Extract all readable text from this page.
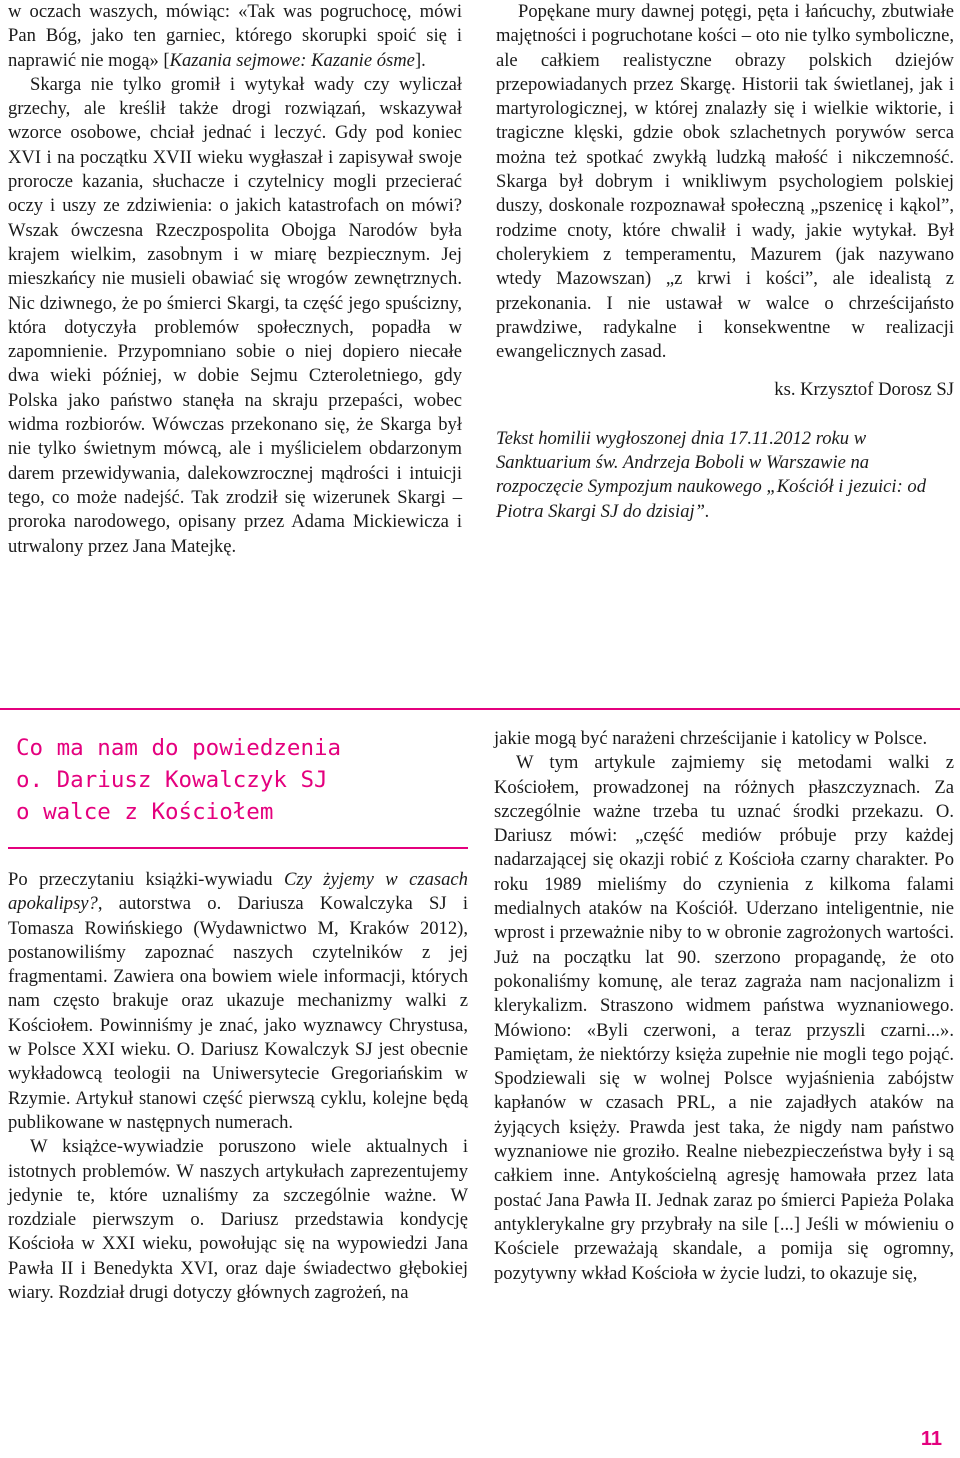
w oczach waszych, mówiąc: «Tak was pogruchocę, mówi Pan Bóg, jako ten garniec, którego skorupki spoić się i naprawić nie mogą» [Kazania sejmowe: Kazanie ósme].

Skarga nie tylko gromił i wytykał wady czy wyliczał grzechy, ale kreślił także drogi rozwiązań, wskazywał wzorce osobowe, chciał jednać i leczyć. Gdy pod koniec XVI i na początku XVII wieku wygłaszał i zapisywał swoje prorocze kazania, słuchacze i czytelnicy mogli przecierać oczy i uszy ze zdziwienia: o jakich katastrofach on mówi? Wszak ówczesna Rzeczpospolita Obojga Narodów była krajem wielkim, zasobnym i w miarę bezpiecznym. Jej mieszkańcy nie musieli obawiać się wrogów zewnętrznych. Nic dziwnego, że po śmierci Skargi, ta część jego spuścizny, która dotyczyła problemów społecznych, popadła w zapomnienie. Przypomniano sobie o niej dopiero niecałe dwa wieki później, w dobie Sejmu Czteroletniego, gdy Polska jako państwo stanęła na skraju przepaści, wobec widma rozbiorów. Wówczas przekonano się, że Skarga był nie tylko świetnym mówcą, ale i myślicielem obdarzonym darem przewidywania, dalekowzrocznej mądrości i intuicji tego, co może nadejść. Tak zrodził się wizerunek Skargi – proroka narodowego, opisany przez Adama Mickiewicza i utrwalony przez Jana Matejkę.

Popękane mury dawnej potęgi, pęta i łańcuchy, zbutwiałe majętności i pogruchotane kości – oto nie tylko symboliczne, ale całkiem realistyczne obrazy polskich dziejów przepowiadanych przez Skargę. Historii tak świetlanej, jak i martyrologicznej, w której znalazły się i wielkie wiktorie, i tragiczne klęski, gdzie obok szlachetnych porywów serca można też spotkać zwykłą ludzką małość i nikczemność. Skarga był dobrym i wnikliwym psychologiem polskiej duszy, doskonale rozpoznawał społeczną „pszenicę i kąkol”, rodzime cnoty, które chwalił i wady, jakie wytykał. Był cholerykiem z temperamentu, Mazurem (jak nazywano wtedy Mazowszan) „z krwi i kości”, ale idealistą z przekonania. I nie ustawał w walce o chrześcijaństo prawdziwe, radykalne i konsekwentne w realizacji ewangelicznych zasad.

ks. Krzysztof Dorosz SJ

Tekst homilii wygłoszonej dnia 17.11.2012 roku w Sanktuarium św. Andrzeja Boboli w Warszawie na rozpoczęcie Sympozjum naukowego „Kościół i jezuici: od Piotra Skargi SJ do dzisiaj”.

Co ma nam do powiedzenia
o. Dariusz Kowalczyk SJ
o walce z Kościołem

Po przeczytaniu książki-wywiadu Czy żyjemy w czasach apokalipsy?, autorstwa o. Dariusza Kowalczyka SJ i Tomasza Rowińskiego (Wydawnictwo M, Kraków 2012), postanowiliśmy zapoznać naszych czytelników z jej fragmentami. Zawiera ona bowiem wiele informacji, których nam często brakuje oraz ukazuje mechanizmy walki z Kościołem. Powinniśmy je znać, jako wyznawcy Chrystusa, w Polsce XXI wieku. O. Dariusz Kowalczyk SJ jest obecnie wykładowcą teologii na Uniwersytecie Gregoriańskim w Rzymie. Artykuł stanowi część pierwszą cyklu, kolejne będą publikowane w następnych numerach.

W książce-wywiadzie poruszono wiele aktualnych i istotnych problemów. W naszych artykułach zaprezentujemy jedynie te, które uznaliśmy za szczególnie ważne. W rozdziale pierwszym o. Dariusz przedstawia kondycję Kościoła w XXI wieku, powołując się na wypowiedzi Jana Pawła II i Benedykta XVI, oraz daje świadectwo głębokiej wiary. Rozdział drugi dotyczy głównych zagrożeń, na

jakie mogą być narażeni chrześcijanie i katolicy w Polsce.

W tym artykule zajmiemy się metodami walki z Kościołem, prowadzonej na różnych płaszczyznach. Za szczególnie ważne trzeba tu uznać środki przekazu. O. Dariusz mówi: „część mediów próbuje przy każdej nadarzającej się okazji robić z Kościoła czarny charakter. Po roku 1989 mieliśmy do czynienia z kilkoma falami medialnych ataków na Kościół. Uderzano inteligentnie, nie wprost i przeważnie niby to w obronie zagrożonych wartości. Już na początku lat 90. szerzono propagandę, że oto pokonaliśmy komunę, ale teraz zagraża nam nacjonalizm i klerykalizm. Straszono widmem państwa wyznaniowego. Mówiono: «Byli czerwoni, a teraz przyszli czarni...». Pamiętam, że niektórzy księża zupełnie nie mogli tego pojąć. Spodziewali się w wolnej Polsce wyjaśnienia zabójstw kapłanów w czasach PRL, a nie zajadłych ataków na żyjących księży. Prawda jest taka, że nigdy nam państwo wyznaniowe nie groziło. Realne niebezpieczeństwa były i są całkiem inne. Antykościelną agresję hamowała przez lata postać Jana Pawła II. Jednak zaraz po śmierci Papieża Polaka antyklerykalne gry przybrały na sile [...] Jeśli w mówieniu o Kościele przeważają skandale, a pomija się ogromny, pozytywny wkład Kościoła w życie ludzi, to okazuje się,

11
